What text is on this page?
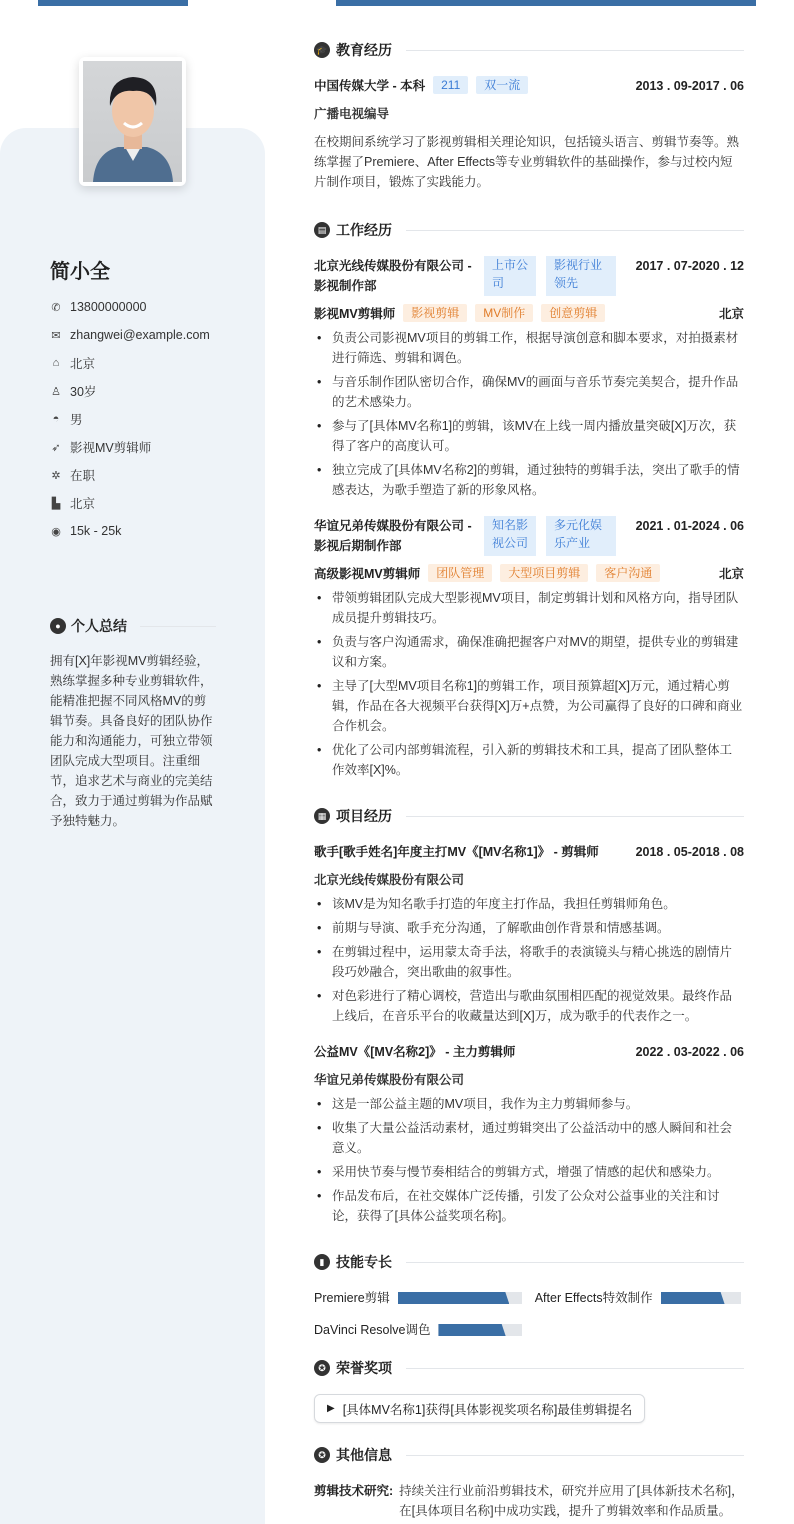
简小全
✆ 13800000000
✉ zhangwei@example.com
⌂ 北京
♙ 30岁
◓ 男
➶ 影视MV剪辑师
✲ 在职
▙ 北京
◉ 15k - 25k
● 个人总结
拥有[X]年影视MV剪辑经验，熟练掌握多种专业剪辑软件，能精准把握不同风格MV的剪辑节奏。具备良好的团队协作能力和沟通能力，可独立带领团队完成大型项目。注重细节，追求艺术与商业的完美结合，致力于通过剪辑为作品赋予独特魅力。
🎓 教育经历
中国传媒大学 - 本科 211 双一流	2013 . 09-2017 . 06
广播电视编导
在校期间系统学习了影视剪辑相关理论知识，包括镜头语言、剪辑节奏等。熟练掌握了Premiere、After Effects等专业剪辑软件的基础操作，参与过校内短片制作项目，锻炼了实践能力。
▤ 工作经历
北京光线传媒股份有限公司 - 影视制作部
上市公司
影视行业领先
2017 . 07-2020 . 12
影视MV剪辑师 影视剪辑 MV制作 创意剪辑	北京
• 负责公司影视MV项目的剪辑工作，根据导演创意和脚本要求，对拍摄素材进行筛选、剪辑和调色。
• 与音乐制作团队密切合作，确保MV的画面与音乐节奏完美契合，提升作品的艺术感染力。
• 参与了[具体MV名称1]的剪辑，该MV在上线一周内播放量突破[X]万次，获得了客户的高度认可。
• 独立完成了[具体MV名称2]的剪辑，通过独特的剪辑手法，突出了歌手的情感表达，为歌手塑造了新的形象风格。
华谊兄弟传媒股份有限公司 - 影视后期制作部
知名影视公司
多元化娱乐产业
2021 . 01-2024 . 06
高级影视MV剪辑师 团队管理 大型项目剪辑 客户沟通	北京
• 带领剪辑团队完成大型影视MV项目，制定剪辑计划和风格方向，指导团队成员提升剪辑技巧。
• 负责与客户沟通需求，确保准确把握客户对MV的期望，提供专业的剪辑建议和方案。
• 主导了[大型MV项目名称1]的剪辑工作，项目预算超[X]万元，通过精心剪辑，作品在各大视频平台获得[X]万+点赞，为公司赢得了良好的口碑和商业合作机会。
• 优化了公司内部剪辑流程，引入新的剪辑技术和工具，提高了团队整体工作效率[X]%。
▦ 项目经历
歌手[歌手姓名]年度主打MV《[MV名称1]》 - 剪辑师	2018 . 05-2018 . 08
北京光线传媒股份有限公司
• 该MV是为知名歌手打造的年度主打作品，我担任剪辑师角色。
• 前期与导演、歌手充分沟通，了解歌曲创作背景和情感基调。
• 在剪辑过程中，运用蒙太奇手法，将歌手的表演镜头与精心挑选的剧情片段巧妙融合，突出歌曲的叙事性。
• 对色彩进行了精心调校，营造出与歌曲氛围相匹配的视觉效果。最终作品上线后，在音乐平台的收藏量达到[X]万，成为歌手的代表作之一。
公益MV《[MV名称2]》 - 主力剪辑师	2022 . 03-2022 . 06
华谊兄弟传媒股份有限公司
• 这是一部公益主题的MV项目，我作为主力剪辑师参与。
• 收集了大量公益活动素材，通过剪辑突出了公益活动中的感人瞬间和社会意义。
• 采用快节奏与慢节奏相结合的剪辑方式，增强了情感的起伏和感染力。
• 作品发布后，在社交媒体广泛传播，引发了公众对公益事业的关注和讨论，获得了[具体公益奖项名称]。
▮ 技能专长
Premiere剪辑	After Effects特效制作
DaVinci Resolve调色
✪ 荣誉奖项
▶ [具体MV名称1]获得[具体影视奖项名称]最佳剪辑提名
✪ 其他信息
剪辑技术研究: 持续关注行业前沿剪辑技术，研究并应用了[具体新技术名称]，在[具体项目名称]中成功实践，提升了剪辑效率和作品质量。
